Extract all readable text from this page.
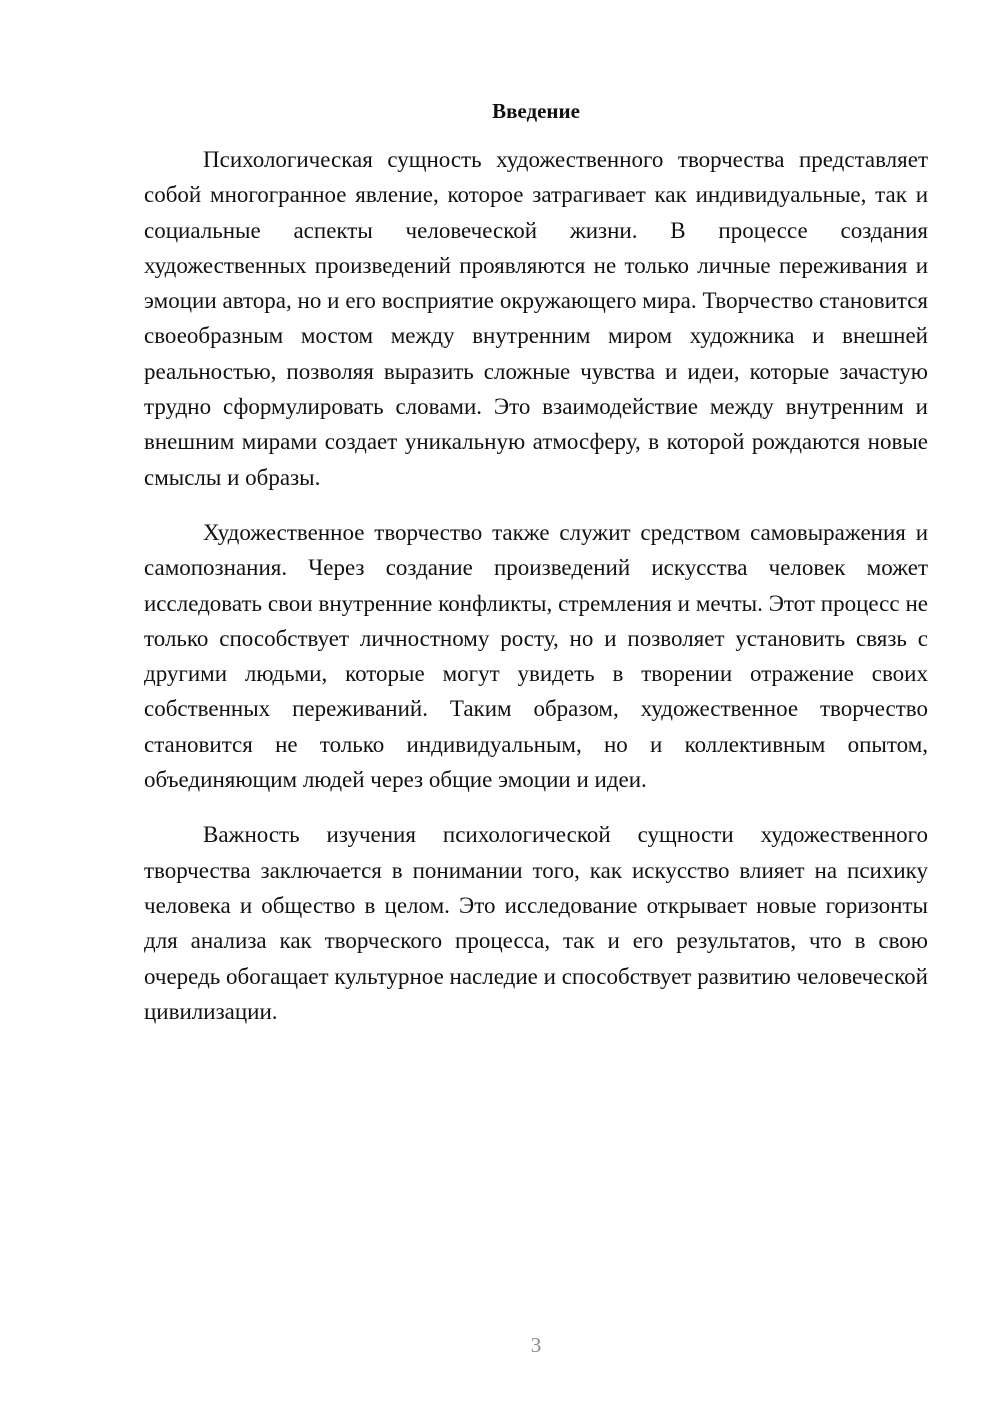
Введение

Психологическая сущность художественного творчества представляет собой многогранное явление, которое затрагивает как индивидуальные, так и социальные аспекты человеческой жизни. В процессе создания художественных произведений проявляются не только личные переживания и эмоции автора, но и его восприятие окружающего мира. Творчество становится своеобразным мостом между внутренним миром художника и внешней реальностью, позволяя выразить сложные чувства и идеи, которые зачастую трудно сформулировать словами. Это взаимодействие между внутренним и внешним мирами создает уникальную атмосферу, в которой рождаются новые смыслы и образы.

Художественное творчество также служит средством самовыражения и самопознания. Через создание произведений искусства человек может исследовать свои внутренние конфликты, стремления и мечты. Этот процесс не только способствует личностному росту, но и позволяет установить связь с другими людьми, которые могут увидеть в творении отражение своих собственных переживаний. Таким образом, художественное творчество становится не только индивидуальным, но и коллективным опытом, объединяющим людей через общие эмоции и идеи.

Важность изучения психологической сущности художественного творчества заключается в понимании того, как искусство влияет на психику человека и общество в целом. Это исследование открывает новые горизонты для анализа как творческого процесса, так и его результатов, что в свою очередь обогащает культурное наследие и способствует развитию человеческой цивилизации.

3
